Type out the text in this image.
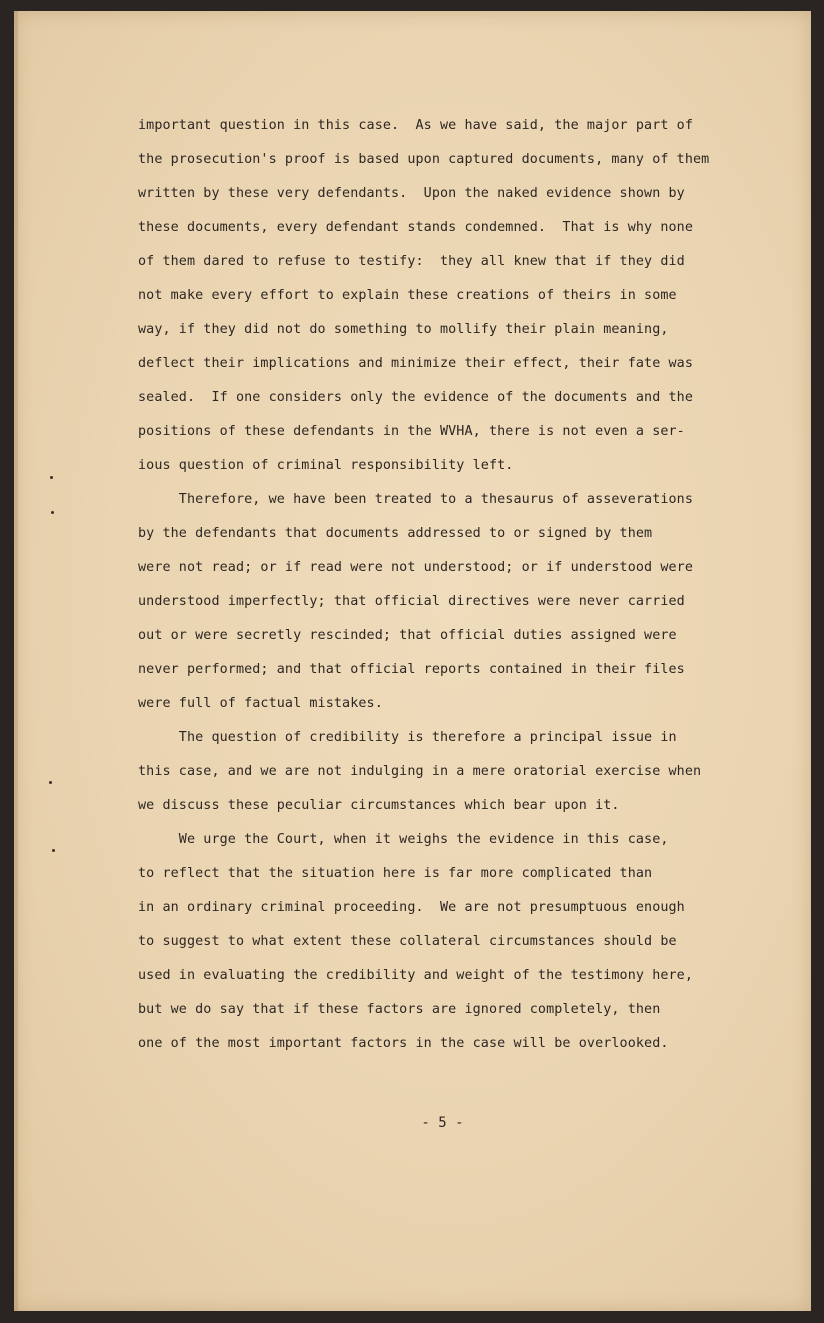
important question in this case.  As we have said, the major part of
the prosecution's proof is based upon captured documents, many of them
written by these very defendants.  Upon the naked evidence shown by
these documents, every defendant stands condemned.  That is why none
of them dared to refuse to testify:  they all knew that if they did
not make every effort to explain these creations of theirs in some
way, if they did not do something to mollify their plain meaning,
deflect their implications and minimize their effect, their fate was
sealed.  If one considers only the evidence of the documents and the
positions of these defendants in the WVHA, there is not even a ser-
ious question of criminal responsibility left.
Therefore, we have been treated to a thesaurus of asseverations
by the defendants that documents addressed to or signed by them
were not read; or if read were not understood; or if understood were
understood imperfectly; that official directives were never carried
out or were secretly rescinded; that official duties assigned were
never performed; and that official reports contained in their files
were full of factual mistakes.
The question of credibility is therefore a principal issue in
this case, and we are not indulging in a mere oratorial exercise when
we discuss these peculiar circumstances which bear upon it.
We urge the Court, when it weighs the evidence in this case,
to reflect that the situation here is far more complicated than
in an ordinary criminal proceeding.  We are not presumptuous enough
to suggest to what extent these collateral circumstances should be
used in evaluating the credibility and weight of the testimony here,
but we do say that if these factors are ignored completely, then
one of the most important factors in the case will be overlooked.
- 5 -
